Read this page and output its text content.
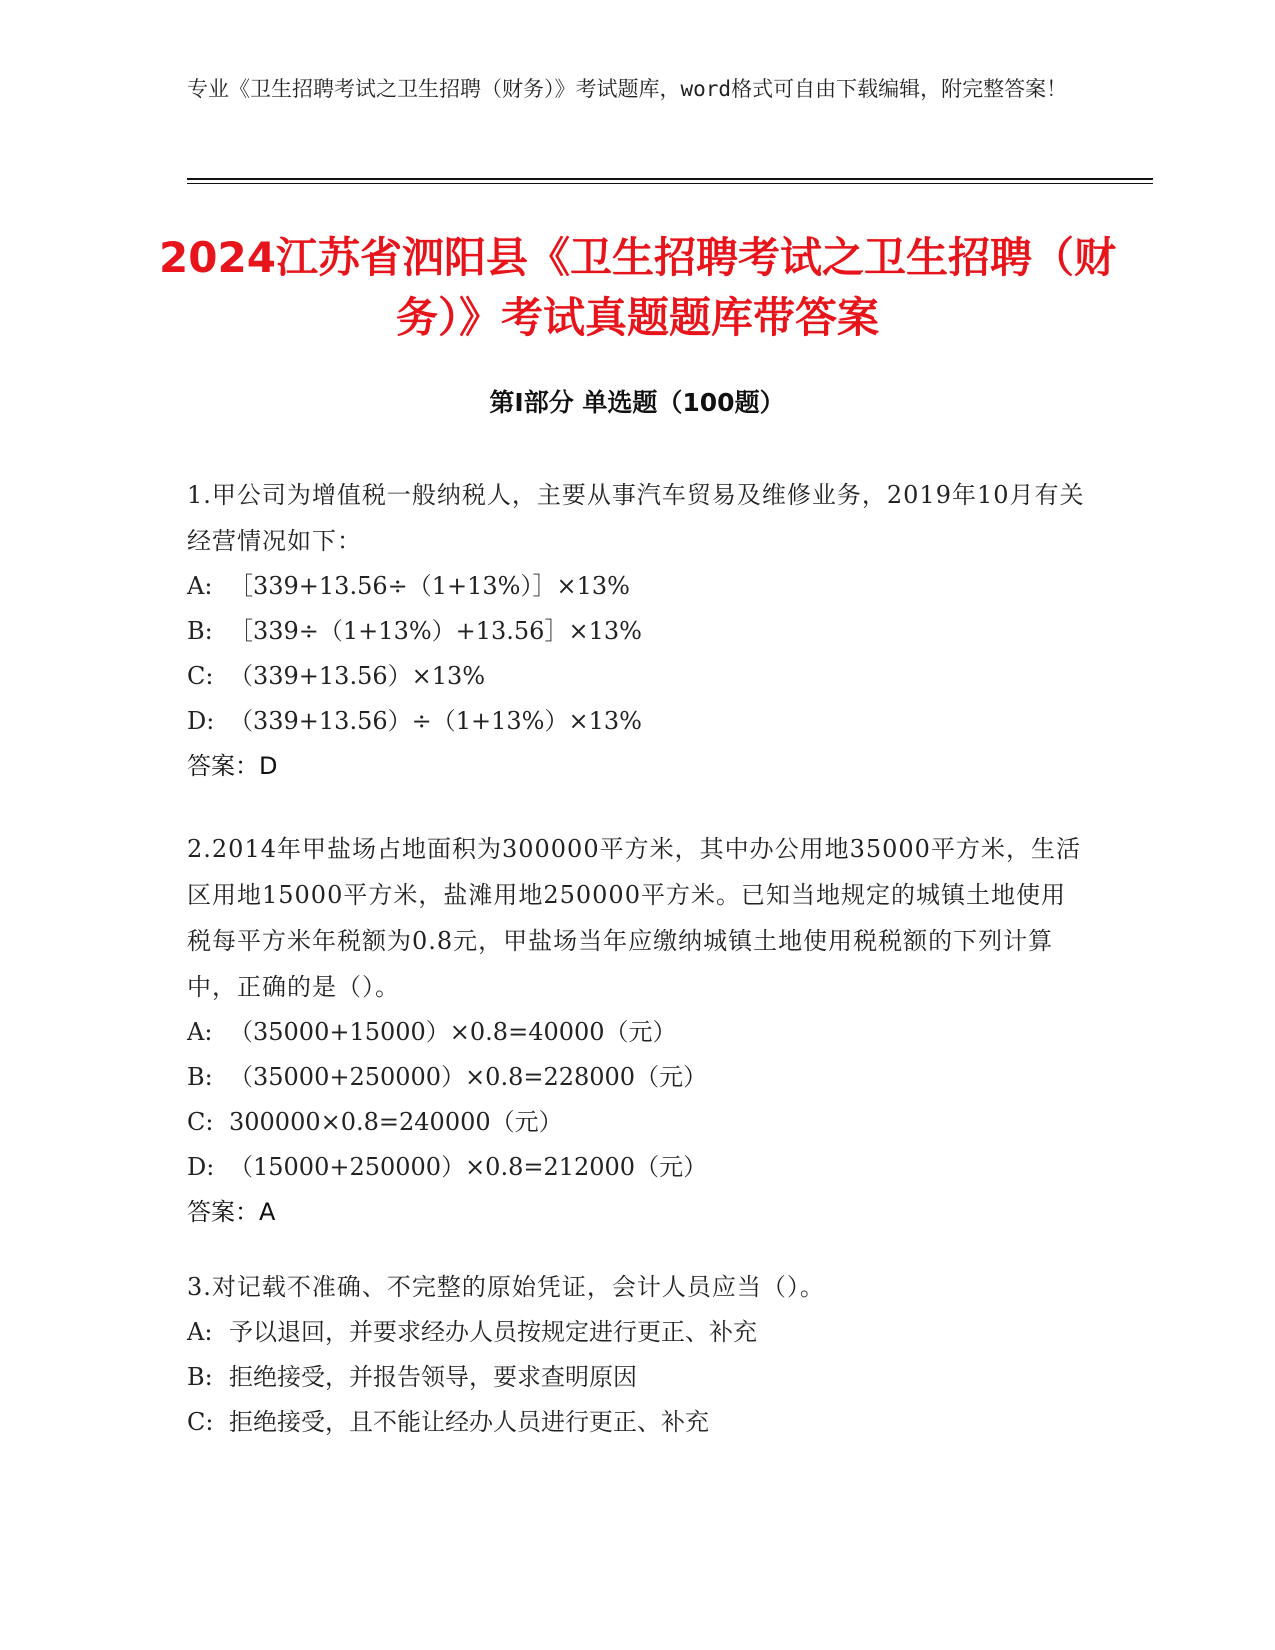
专业《卫生招聘考试之卫生招聘（财务）》考试题库，word格式可自由下载编辑，附完整答案！
2024江苏省泗阳县《卫生招聘考试之卫生招聘（财务）》考试真题题库带答案
第I部分 单选题（100题）
1.甲公司为增值税一般纳税人，主要从事汽车贸易及维修业务，2019年10月有关经营情况如下：
A: ［339+13.56÷（1+13%）］×13%
B: ［339÷（1+13%）+13.56］×13%
C: （339+13.56）×13%
D: （339+13.56）÷（1+13%）×13%
答案：D
2.2014年甲盐场占地面积为300000平方米，其中办公用地35000平方米，生活区用地15000平方米，盐滩用地250000平方米。已知当地规定的城镇土地使用税每平方米年税额为0.8元，甲盐场当年应缴纳城镇土地使用税税额的下列计算中，正确的是（）。
A: （35000+15000）×0.8=40000（元）
B: （35000+250000）×0.8=228000（元）
C: 300000×0.8=240000（元）
D: （15000+250000）×0.8=212000（元）
答案：A
3.对记载不准确、不完整的原始凭证，会计人员应当（）。
A: 予以退回，并要求经办人员按规定进行更正、补充
B: 拒绝接受，并报告领导，要求查明原因
C: 拒绝接受，且不能让经办人员进行更正、补充
